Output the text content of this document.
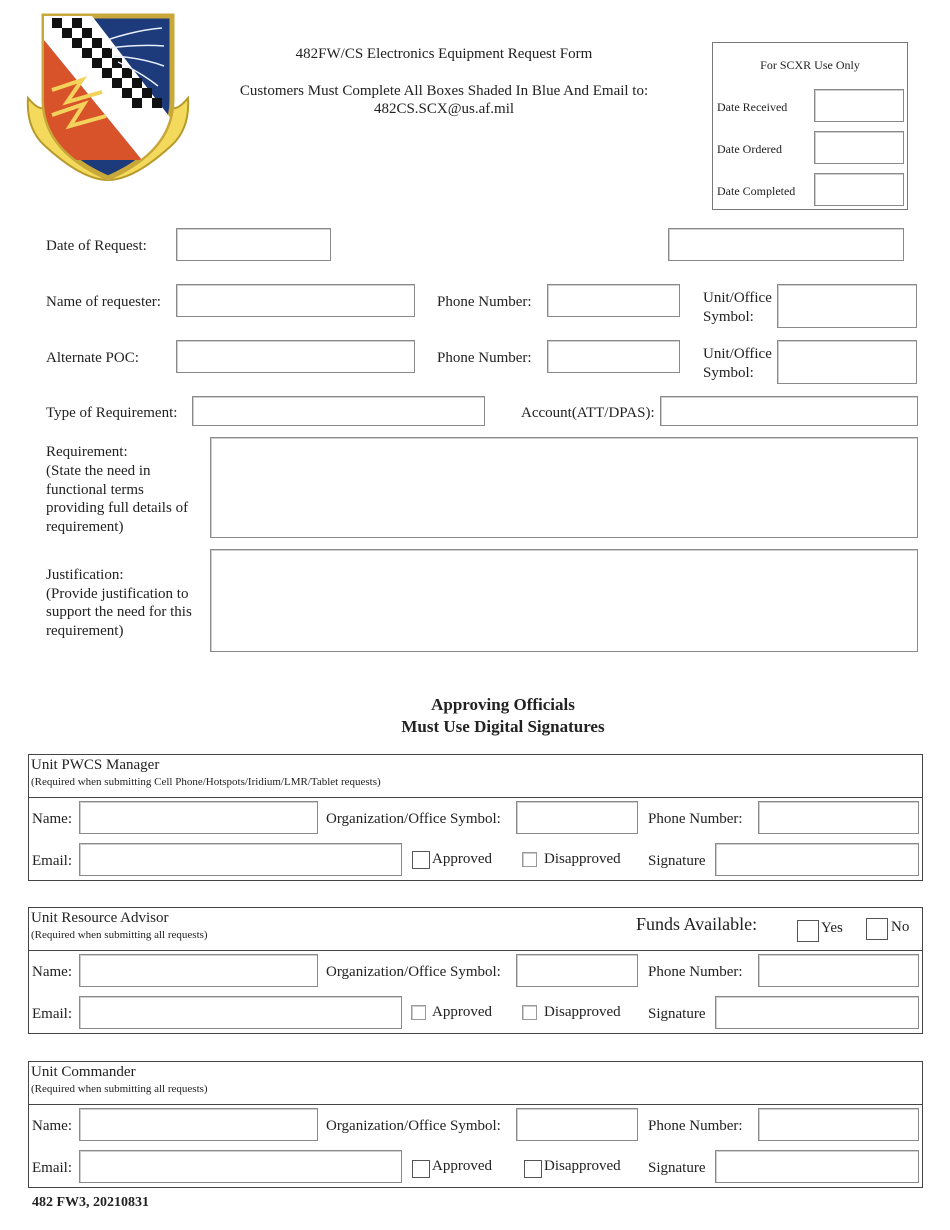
482FW/CS Electronics Equipment Request Form
Customers Must Complete All Boxes Shaded In Blue And Email to:
482CS.SCX@us.af.mil
For SCXR Use Only
Date Received
Date Ordered
Date Completed
Date of Request:
Name of requester:	Phone Number:	Unit/Office
Symbol:
Alternate POC:	Phone Number:	Unit/Office
Symbol:
Type of Requirement:	Account(ATT/DPAS):
Requirement:
(State the need in
functional terms
providing full details of
requirement)
Justification:
(Provide justification to
support the need for this
requirement)
Approving Officials
Must Use Digital Signatures
Unit PWCS Manager
(Required when submitting Cell Phone/Hotspots/Iridium/LMR/Tablet requests)
Name:	Organization/Office Symbol:	Phone Number:
Email:	Approved	Disapproved Signature
Unit Resource Advisor
(Required when submitting all requests)
Funds Available:	Yes	No
Name:	Organization/Office Symbol:	Phone Number:
Email:	Approved	Disapproved Signature
Unit Commander
(Required when submitting all requests)
Name:	Organization/Office Symbol:	Phone Number:
Email:	Approved	Disapproved Signature
482 FW3, 20210831
